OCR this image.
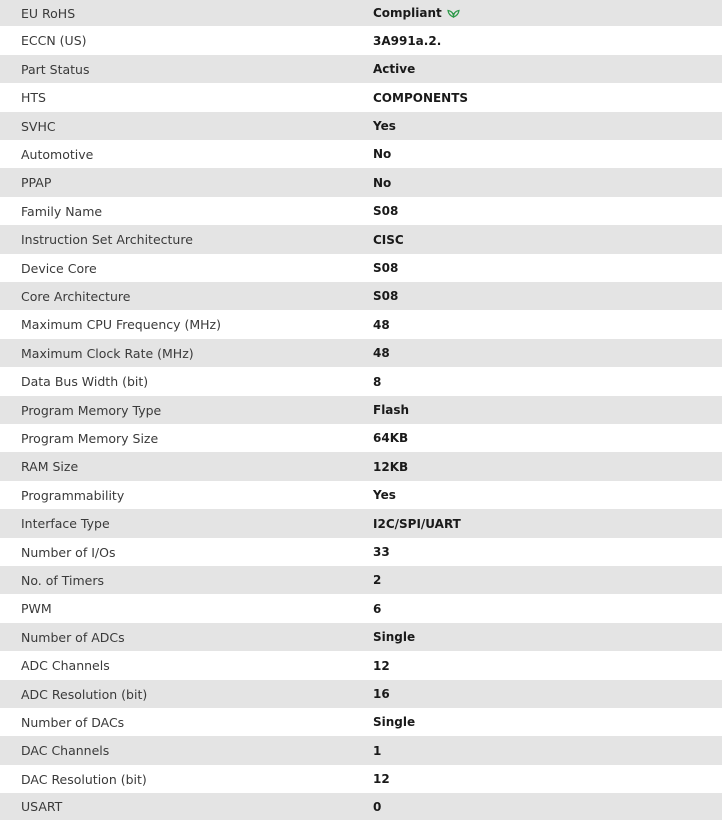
EU RoHS	Compliant
ECCN (US)	3A991a.2.
Part Status	Active
HTS	COMPONENTS
SVHC	Yes
Automotive	No
PPAP	No
Family Name	S08
Instruction Set Architecture	CISC
Device Core	S08
Core Architecture	S08
Maximum CPU Frequency (MHz)	48
Maximum Clock Rate (MHz)	48
Data Bus Width (bit)	8
Program Memory Type	Flash
Program Memory Size	64KB
RAM Size	12KB
Programmability	Yes
Interface Type	I2C/SPI/UART
Number of I/Os	33
No. of Timers	2
PWM	6
Number of ADCs	Single
ADC Channels	12
ADC Resolution (bit)	16
Number of DACs	Single
DAC Channels	1
DAC Resolution (bit)	12
USART	0
